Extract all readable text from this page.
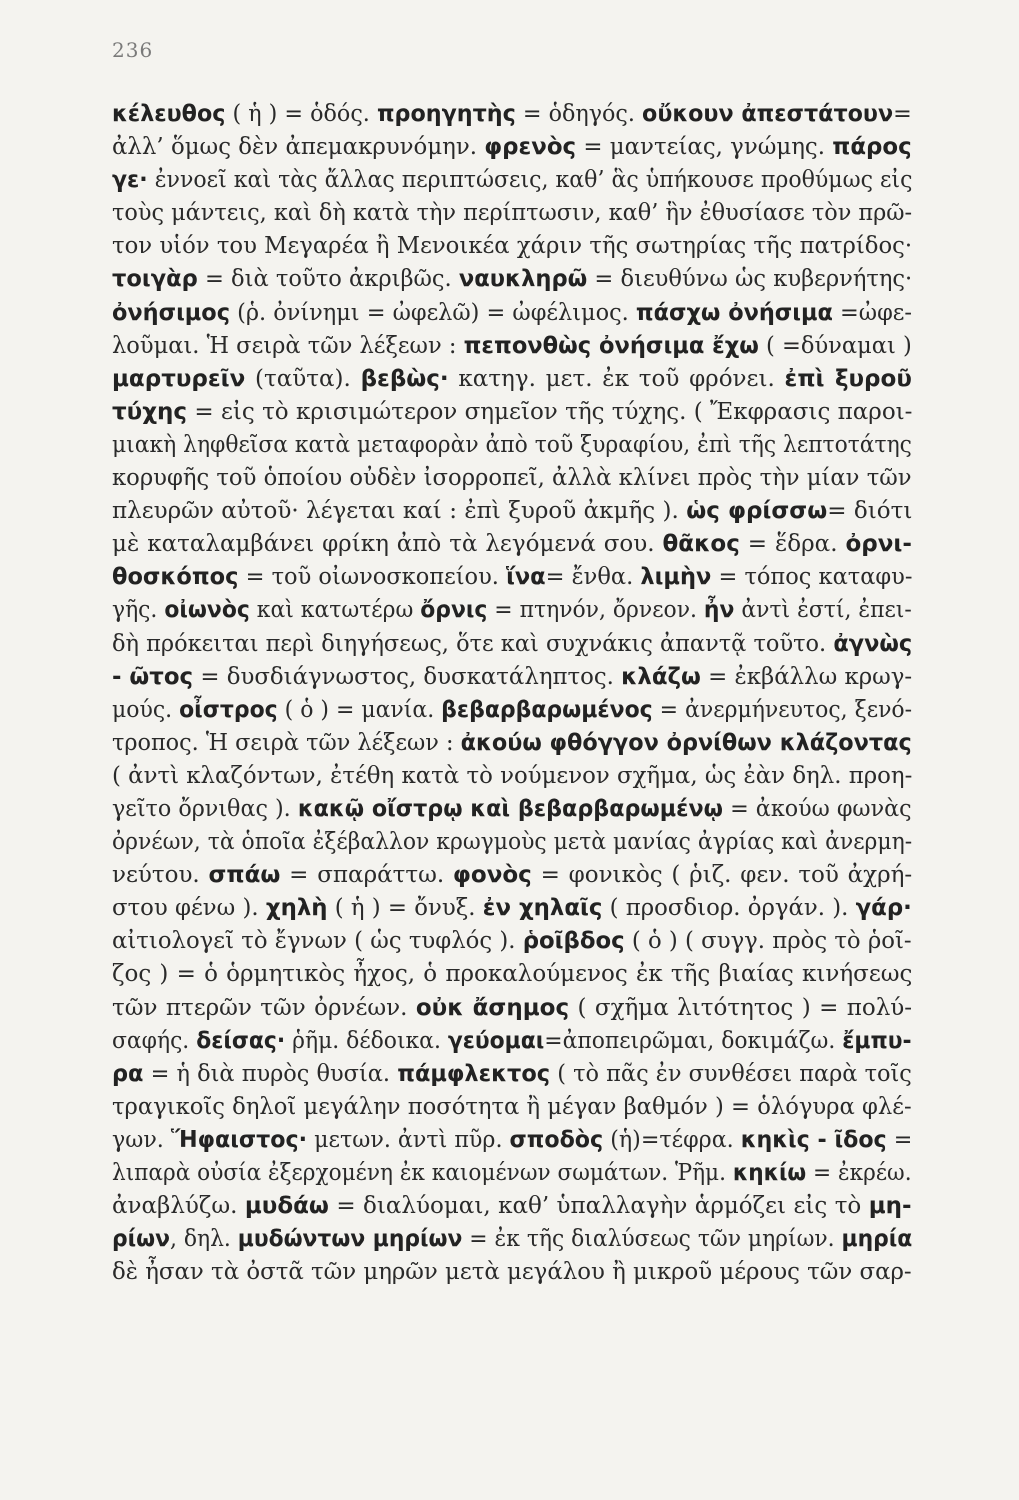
236
κέλευθος ( ἡ ) = ὁδός. προηγητὴς = ὁδηγός. οὔκουν ἀπεστάτουν=
ἀλλ’ ὅμως δὲν ἀπεμακρυνόμην. φρενὸς = μαντείας, γνώμης. πάρος
γε· ἐννοεῖ καὶ τὰς ἄλλας περιπτώσεις, καθ’ ἃς ὑπήκουσε προθύμως εἰς
τοὺς μάντεις, καὶ δὴ κατὰ τὴν περίπτωσιν, καθ’ ἣν ἐθυσίασε τὸν πρῶ-
τον υἱόν του Μεγαρέα ἢ Μενοικέα χάριν τῆς σωτηρίας τῆς πατρίδος·
τοιγὰρ = διὰ τοῦτο ἀκριβῶς. ναυκληρῶ = διευθύνω ὡς κυβερνήτης·
ὀνήσιμος (ῥ. ὀνίνημι = ὠφελῶ) = ὠφέλιμος. πάσχω ὀνήσιμα =ὠφε-
λοῦμαι. Ἡ σειρὰ τῶν λέξεων : πεπονθὼς ὀνήσιμα ἔχω ( =δύναμαι )
μαρτυρεῖν (ταῦτα). βεβὼς· κατηγ. μετ. ἐκ τοῦ φρόνει. ἐπὶ ξυροῦ
τύχης = εἰς τὸ κρισιμώτερον σημεῖον τῆς τύχης. ( Ἔκφρασις παροι-
μιακὴ ληφθεῖσα κατὰ μεταφορὰν ἀπὸ τοῦ ξυραφίου, ἐπὶ τῆς λεπτοτάτης
κορυφῆς τοῦ ὁποίου οὐδὲν ἰσορροπεῖ, ἀλλὰ κλίνει πρὸς τὴν μίαν τῶν
πλευρῶν αὐτοῦ· λέγεται καί : ἐπὶ ξυροῦ ἀκμῆς ). ὡς φρίσσω= διότι
μὲ καταλαμβάνει φρίκη ἀπὸ τὰ λεγόμενά σου. θᾶκος = ἕδρα. ὀρνι-
θοσκόπος = τοῦ οἰωνοσκοπείου. ἵνα= ἔνθα. λιμὴν = τόπος καταφυ-
γῆς. οἰωνὸς καὶ κατωτέρω ὄρνις = πτηνόν, ὄρνεον. ἦν ἀντὶ ἐστί, ἐπει-
δὴ πρόκειται περὶ διηγήσεως, ὅτε καὶ συχνάκις ἀπαντᾷ τοῦτο. ἀγνὼς
- ῶτος = δυσδιάγνωστος, δυσκατάληπτος. κλάζω = ἐκβάλλω κρωγ-
μούς. οἶστρος ( ὁ ) = μανία. βεβαρβαρωμένος = ἀνερμήνευτος, ξενό-
τροπος. Ἡ σειρὰ τῶν λέξεων : ἀκούω φθόγγον ὀρνίθων κλάζοντας
( ἀντὶ κλαζόντων, ἐτέθη κατὰ τὸ νούμενον σχῆμα, ὡς ἐὰν δηλ. προη-
γεῖτο ὄρνιθας ). κακῷ οἴστρῳ καὶ βεβαρβαρωμένῳ = ἀκούω φωνὰς
ὀρνέων, τὰ ὁποῖα ἐξέβαλλον κρωγμοὺς μετὰ μανίας ἀγρίας καὶ ἀνερμη-
νεύτου. σπάω = σπαράττω. φονὸς = φονικὸς ( ῥιζ. φεν. τοῦ ἀχρή-
στου φένω ). χηλὴ ( ἡ ) = ὄνυξ. ἐν χηλαῖς ( προσδιορ. ὀργάν. ). γάρ·
αἰτιολογεῖ τὸ ἔγνων ( ὡς τυφλός ). ῥοῖβδος ( ὁ ) ( συγγ. πρὸς τὸ ῥοῖ-
ζος ) = ὁ ὁρμητικὸς ἦχος, ὁ προκαλούμενος ἐκ τῆς βιαίας κινήσεως
τῶν πτερῶν τῶν ὀρνέων. οὐκ ἄσημος ( σχῆμα λιτότητος ) = πολύ-
σαφής. δείσας· ῥῆμ. δέδοικα. γεύομαι=ἀποπειρῶμαι, δοκιμάζω. ἔμπυ-
ρα = ἡ διὰ πυρὸς θυσία. πάμφλεκτος ( τὸ πᾶς ἐν συνθέσει παρὰ τοῖς
τραγικοῖς δηλοῖ μεγάλην ποσότητα ἢ μέγαν βαθμόν ) = ὁλόγυρα φλέ-
γων. Ἥφαιστος· μετων. ἀντὶ πῦρ. σποδὸς (ἡ)=τέφρα. κηκὶς - ῖδος =
λιπαρὰ οὐσία ἐξερχομένη ἐκ καιομένων σωμάτων. Ῥῆμ. κηκίω = ἐκρέω.
ἀναβλύζω. μυδάω = διαλύομαι, καθ’ ὑπαλλαγὴν ἁρμόζει εἰς τὸ μη-
ρίων, δηλ. μυδώντων μηρίων = ἐκ τῆς διαλύσεως τῶν μηρίων. μηρία
δὲ ἦσαν τὰ ὀστᾶ τῶν μηρῶν μετὰ μεγάλου ἢ μικροῦ μέρους τῶν σαρ-
